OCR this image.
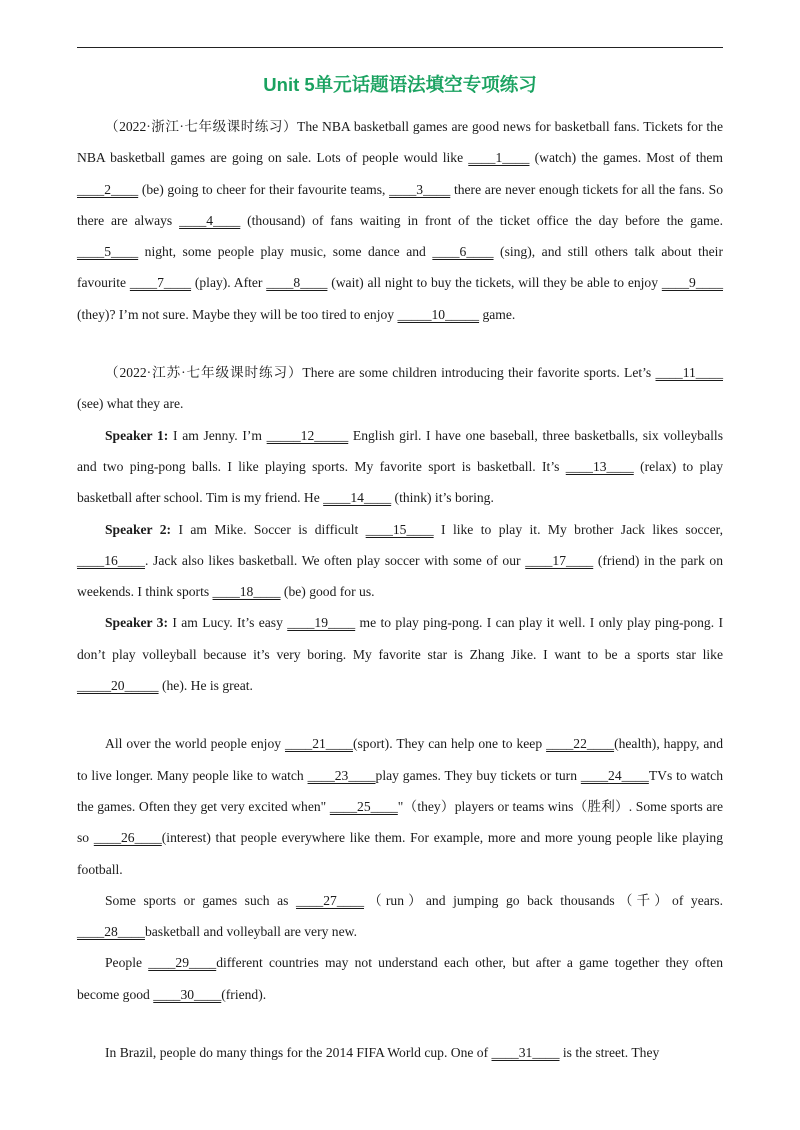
Unit 5单元话题语法填空专项练习

（2022·浙江·七年级课时练习）The NBA basketball games are good news for basketball fans. Tickets for the NBA basketball games are going on sale. Lots of people would like ____1____ (watch) the games. Most of them ____2____ (be) going to cheer for their favourite teams, ____3____ there are never enough tickets for all the fans. So there are always ____4____ (thousand) of fans waiting in front of the ticket office the day before the game. ____5____ night, some people play music, some dance and ____6____ (sing), and still others talk about their favourite ____7____ (play). After ____8____ (wait) all night to buy the tickets, will they be able to enjoy ____9____ (they)? I’m not sure. Maybe they will be too tired to enjoy _____10_____ game.

（2022·江苏·七年级课时练习）There are some children introducing their favorite sports. Let’s ____11____ (see) what they are.

Speaker 1: I am Jenny. I’m _____12_____ English girl. I have one baseball, three basketballs, six volleyballs and two ping-pong balls. I like playing sports. My favorite sport is basketball. It’s ____13____ (relax) to play basketball after school. Tim is my friend. He ____14____ (think) it’s boring.

Speaker 2: I am Mike. Soccer is difficult ____15____ I like to play it. My brother Jack likes soccer, ____16____. Jack also likes basketball. We often play soccer with some of our ____17____ (friend) in the park on weekends. I think sports ____18____ (be) good for us.

Speaker 3: I am Lucy. It’s easy ____19____ me to play ping-pong. I can play it well. I only play ping-pong. I don’t play volleyball because it’s very boring. My favorite star is Zhang Jike. I want to be a sports star like _____20_____ (he). He is great.

All over the world people enjoy ____21____(sport). They can help one to keep ____22____(health), happy, and to live longer. Many people like to watch ____23____play games. They buy tickets or turn ____24____TVs to watch the games. Often they get very excited when" ____25____"（they）players or teams wins（胜利）. Some sports are so ____26____(interest) that people everywhere like them. For example, more and more young people like playing football.

Some sports or games such as ____27____（run）and jumping go back thousands（千）of years. ____28____basketball and volleyball are very new.

People ____29____different countries may not understand each other, but after a game together they often become good ____30____(friend).

In Brazil, people do many things for the 2014 FIFA World cup. One of ____31____ is the street. They
